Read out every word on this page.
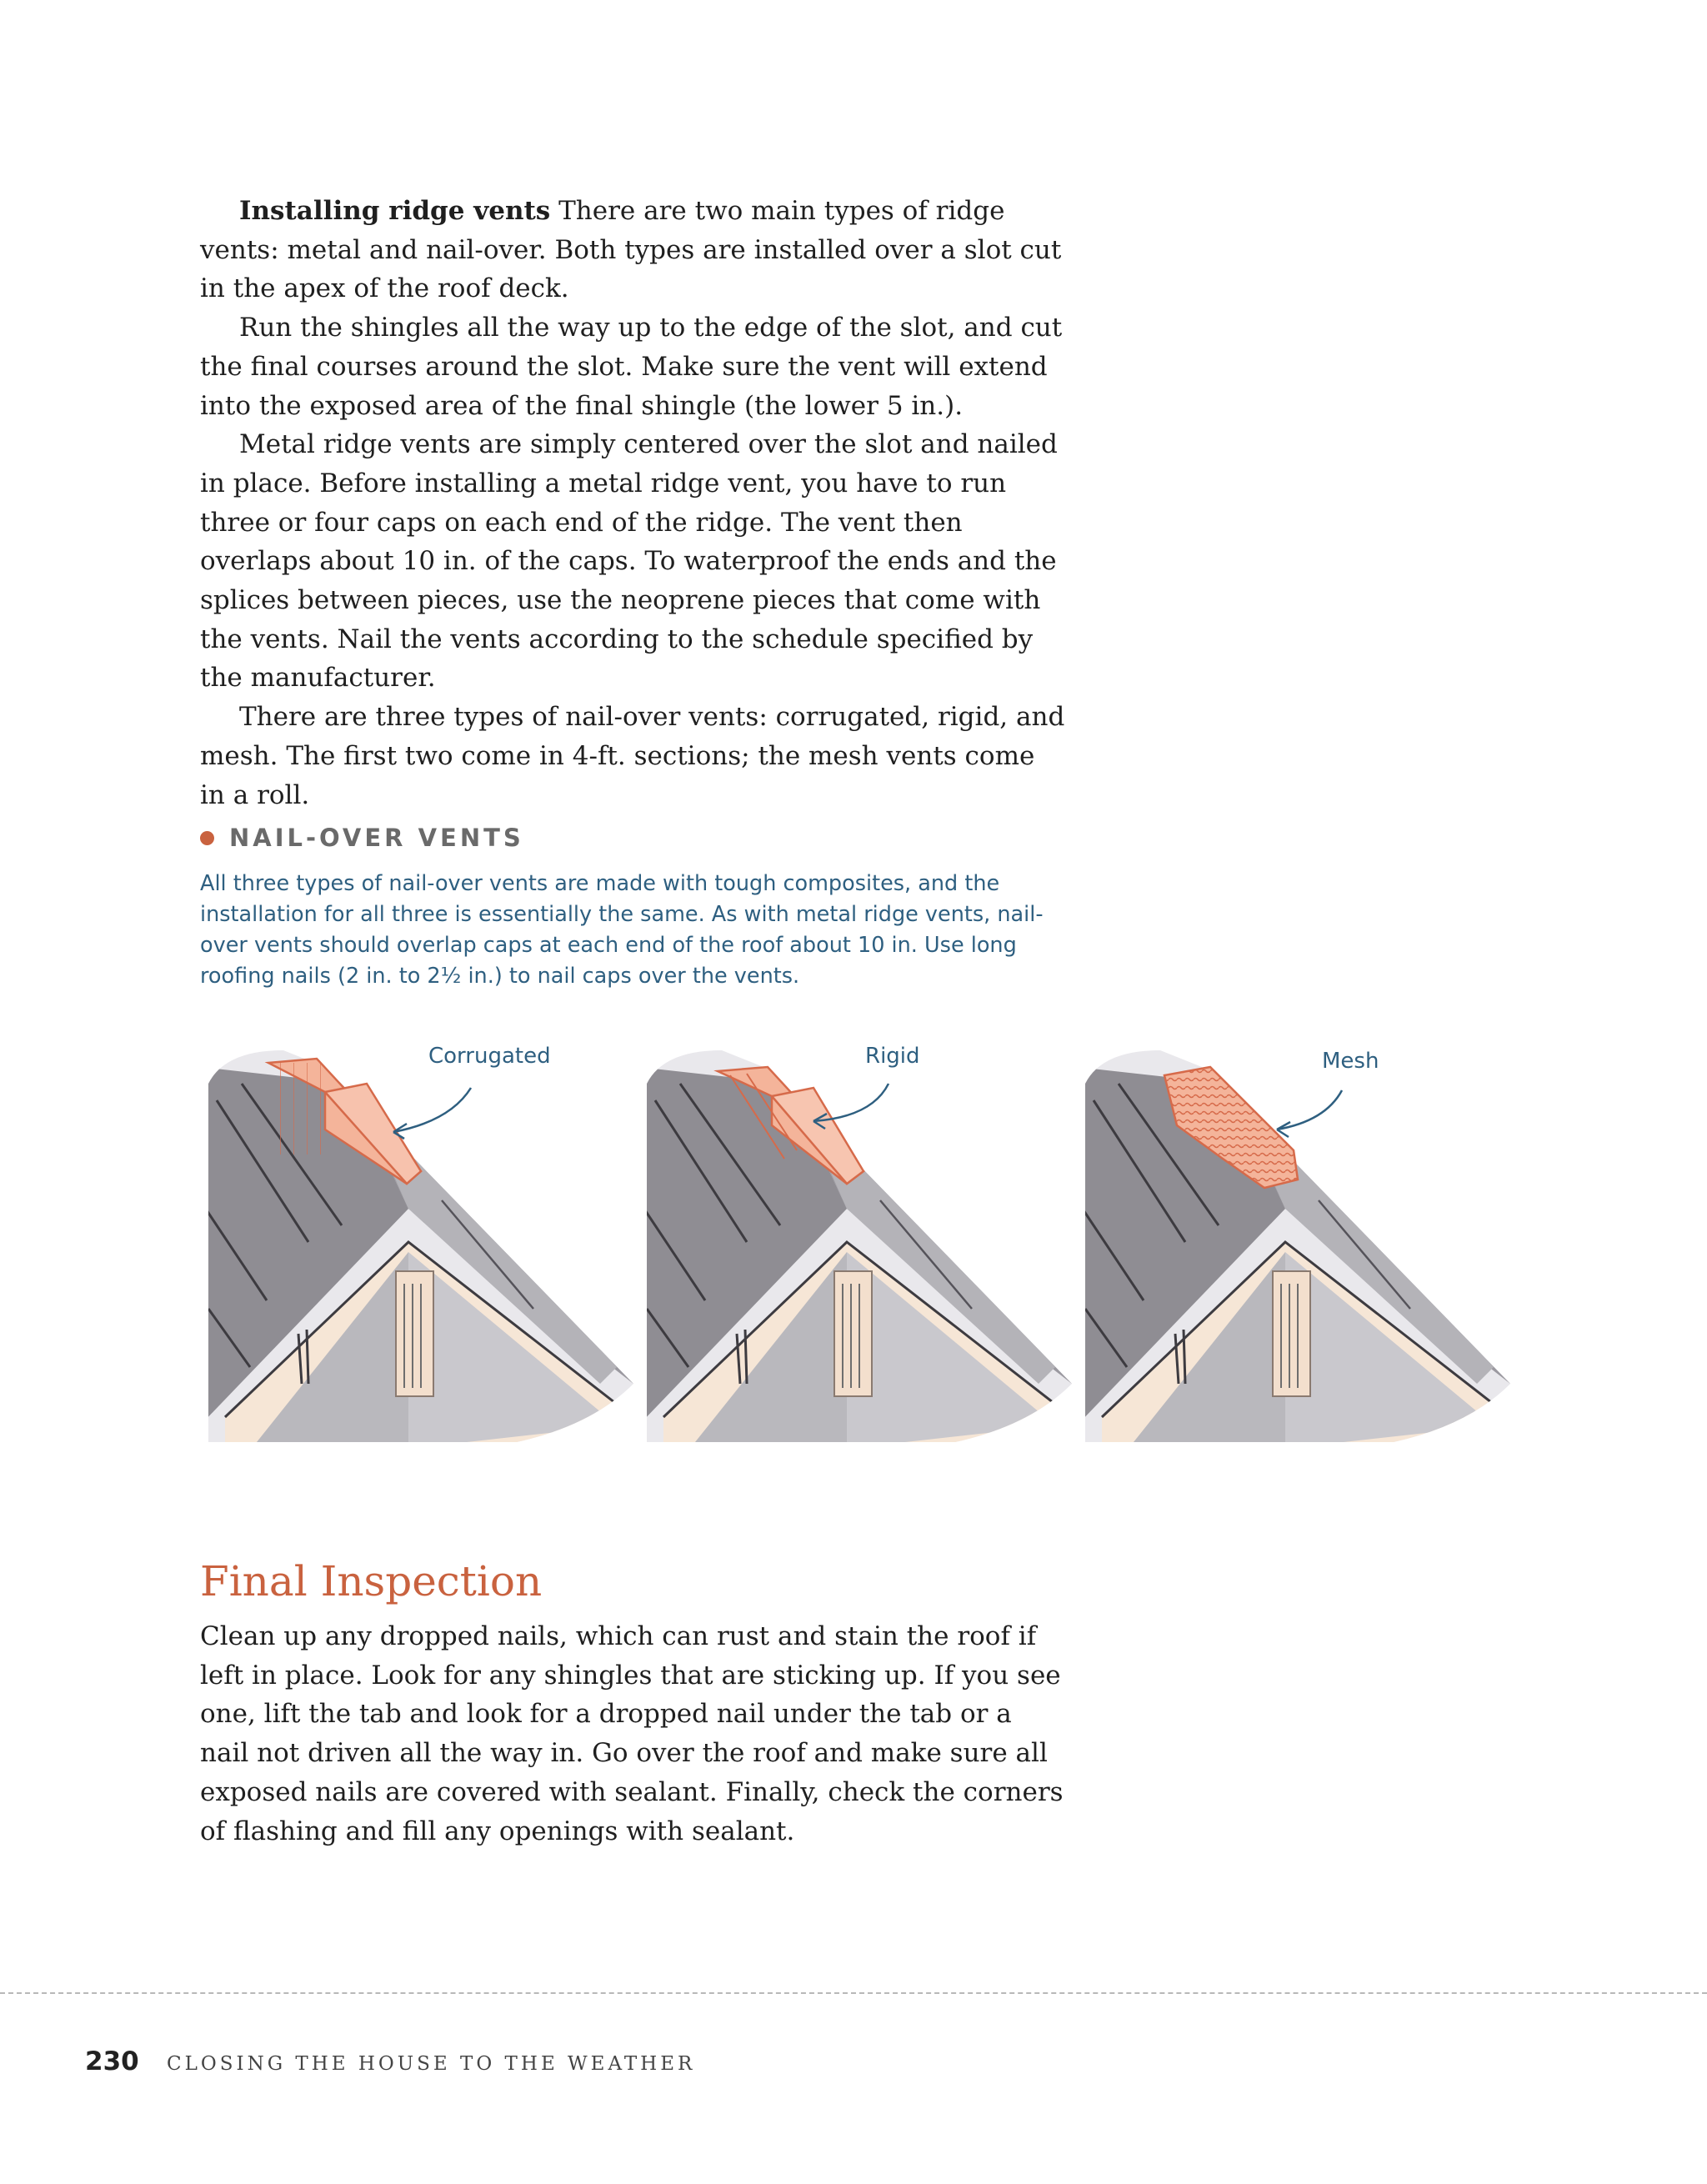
Installing ridge vents There are two main types of ridge vents: metal and nail-over. Both types are installed over a slot cut in the apex of the roof deck.

Run the shingles all the way up to the edge of the slot, and cut the final courses around the slot. Make sure the vent will extend into the exposed area of the final shingle (the lower 5 in.).

Metal ridge vents are simply centered over the slot and nailed in place. Before installing a metal ridge vent, you have to run three or four caps on each end of the ridge. The vent then overlaps about 10 in. of the caps. To waterproof the ends and the splices between pieces, use the neoprene pieces that come with the vents. Nail the vents according to the schedule specified by the manufacturer.

There are three types of nail-over vents: corrugated, rigid, and mesh. The first two come in 4-ft. sections; the mesh vents come in a roll.

NAIL-OVER VENTS

All three types of nail-over vents are made with tough composites, and the installation for all three is essentially the same. As with metal ridge vents, nail-over vents should overlap caps at each end of the roof about 10 in. Use long roofing nails (2 in. to 2½ in.) to nail caps over the vents.

Corrugated	Rigid	Mesh
Final Inspection

Clean up any dropped nails, which can rust and stain the roof if left in place. Look for any shingles that are sticking up. If you see one, lift the tab and look for a dropped nail under the tab or a nail not driven all the way in. Go over the roof and make sure all exposed nails are covered with sealant. Finally, check the corners of flashing and fill any openings with sealant.

230 CLOSING THE HOUSE TO THE WEATHER
